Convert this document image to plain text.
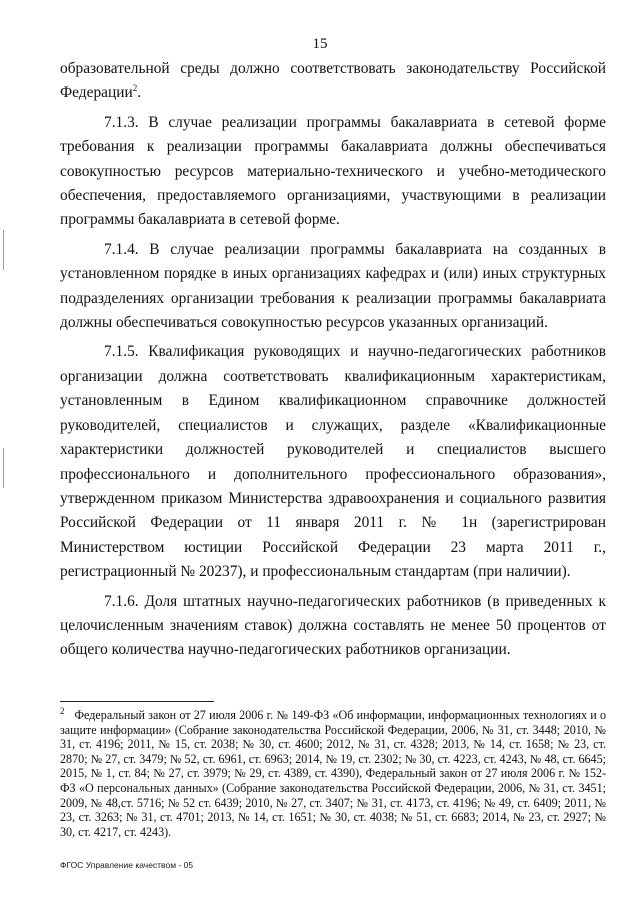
15

образовательной среды должно соответствовать законодательству Российской Федерации$^2$.

7.1.3. В случае реализации программы бакалавриата в сетевой форме требования к реализации программы бакалавриата должны обеспечиваться совокупностью ресурсов материально-технического и учебно-методического обеспечения, предоставляемого организациями, участвующими в реализации программы бакалавриата в сетевой форме.

7.1.4. В случае реализации программы бакалавриата на созданных в установленном порядке в иных организациях кафедрах и (или) иных структурных подразделениях организации требования к реализации программы бакалавриата должны обеспечиваться совокупностью ресурсов указанных организаций.

7.1.5. Квалификация руководящих и научно-педагогических работников организации должна соответствовать квалификационным характеристикам, установленным в Едином квалификационном справочнике должностей руководителей, специалистов и служащих, разделе «Квалификационные характеристики должностей руководителей и специалистов высшего профессионального и дополнительного профессионального образования», утвержденном приказом Министерства здравоохранения и социального развития Российской Федерации от 11 января 2011 г. № 1н (зарегистрирован Министерством юстиции Российской Федерации 23 марта 2011 г., регистрационный № 20237), и профессиональным стандартам (при наличии).

7.1.6. Доля штатных научно-педагогических работников (в приведенных к целочисленным значениям ставок) должна составлять не менее 50 процентов от общего количества научно-педагогических работников организации.

$^2$ Федеральный закон от 27 июля 2006 г. № 149-ФЗ «Об информации, информационных технологиях и о защите информации» (Собрание законодательства Российской Федерации, 2006, № 31, ст. 3448; 2010, № 31, ст. 4196; 2011, № 15, ст. 2038; № 30, ст. 4600; 2012, № 31, ст. 4328; 2013, № 14, ст. 1658; № 23, ст. 2870; № 27, ст. 3479; № 52, ст. 6961, ст. 6963; 2014, № 19, ст. 2302; № 30, ст. 4223, ст. 4243, № 48, ст. 6645; 2015, № 1, ст. 84; № 27, ст. 3979; № 29, ст. 4389, ст. 4390), Федеральный закон от 27 июля 2006 г. № 152-ФЗ «О персональных данных» (Собрание законодательства Российской Федерации, 2006, № 31, ст. 3451; 2009, № 48,ст. 5716; № 52 ст. 6439; 2010, № 27, ст. 3407; № 31, ст. 4173, ст. 4196; № 49, ст. 6409; 2011, № 23, ст. 3263; № 31, ст. 4701; 2013, № 14, ст. 1651; № 30, ст. 4038; № 51, ст. 6683; 2014, № 23, ст. 2927; № 30, ст. 4217, ст. 4243).
ФГОС Управление качеством - 05
